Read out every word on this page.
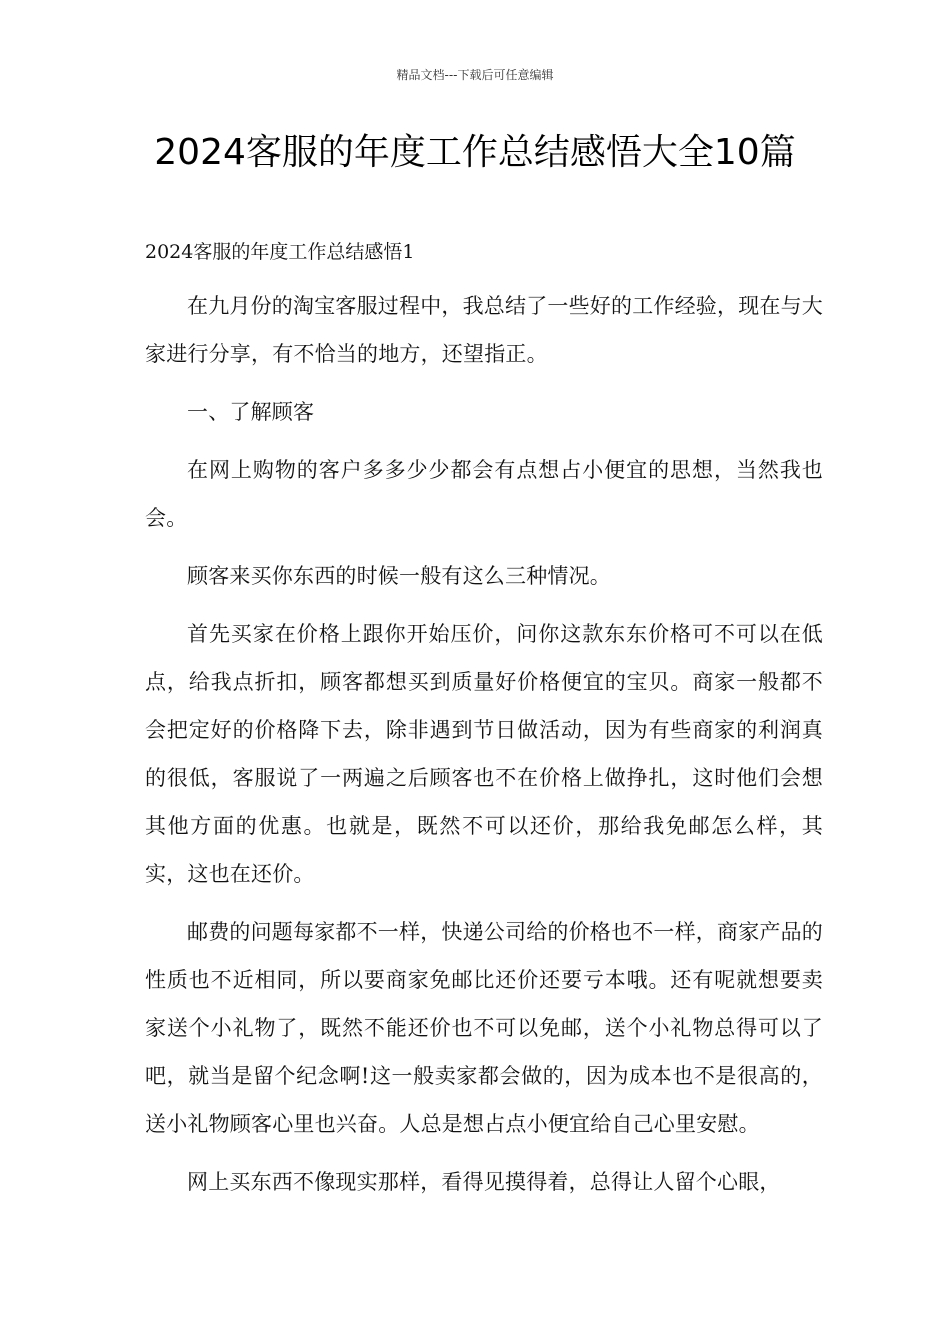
精品文档---下载后可任意编辑
2024客服的年度工作总结感悟大全10篇
2024客服的年度工作总结感悟1

在九月份的淘宝客服过程中，我总结了一些好的工作经验，现在与大家进行分享，有不恰当的地方，还望指正。

一、了解顾客

在网上购物的客户多多少少都会有点想占小便宜的思想，当然我也会。

顾客来买你东西的时候一般有这么三种情况。

首先买家在价格上跟你开始压价，问你这款东东价格可不可以在低点，给我点折扣，顾客都想买到质量好价格便宜的宝贝。商家一般都不会把定好的价格降下去，除非遇到节日做活动，因为有些商家的利润真的很低，客服说了一两遍之后顾客也不在价格上做挣扎，这时他们会想其他方面的优惠。也就是，既然不可以还价，那给我免邮怎么样，其实，这也在还价。

邮费的问题每家都不一样，快递公司给的价格也不一样，商家产品的性质也不近相同，所以要商家免邮比还价还要亏本哦。还有呢就想要卖家送个小礼物了，既然不能还价也不可以免邮，送个小礼物总得可以了吧，就当是留个纪念啊!这一般卖家都会做的，因为成本也不是很高的，送小礼物顾客心里也兴奋。人总是想占点小便宜给自己心里安慰。

网上买东西不像现实那样，看得见摸得着，总得让人留个心眼，
